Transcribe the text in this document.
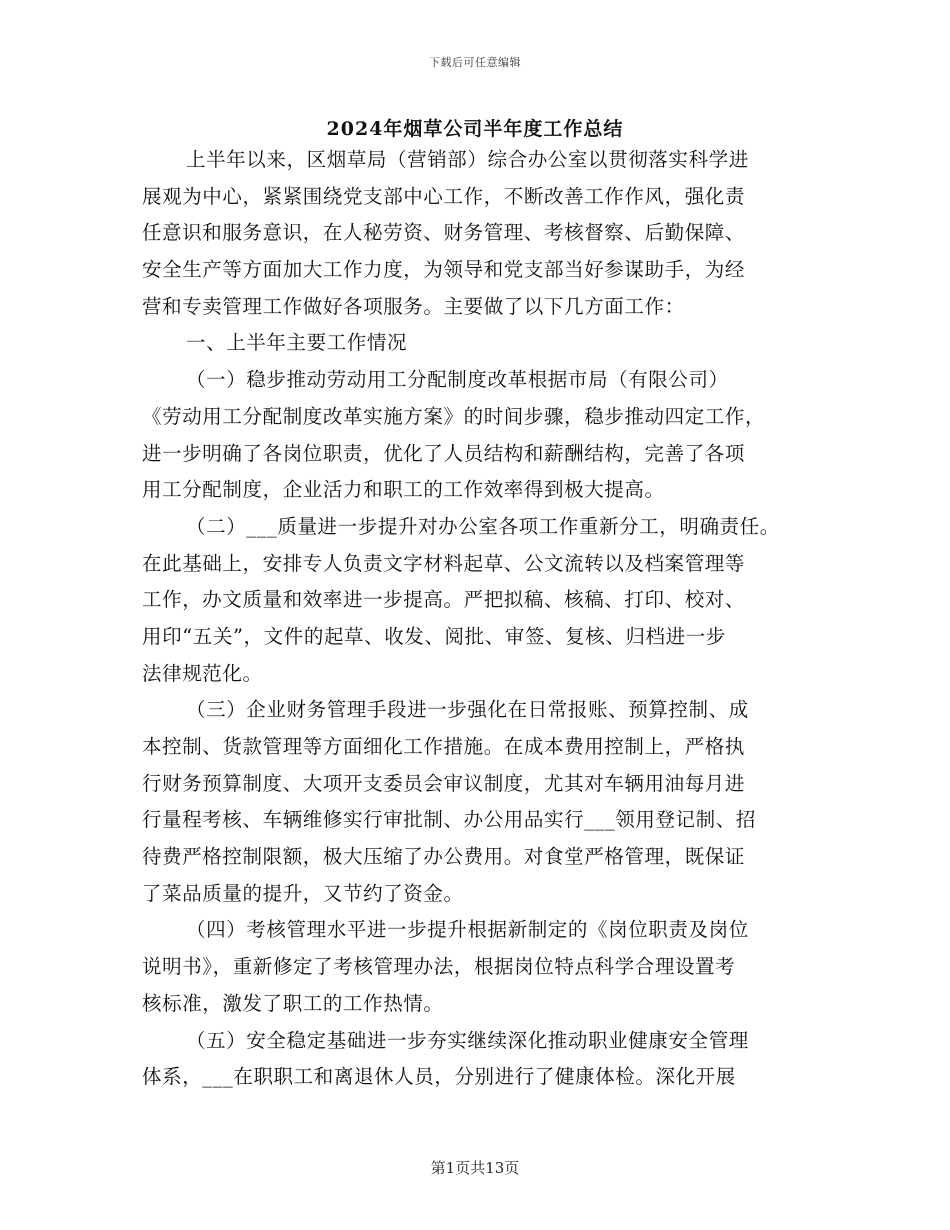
下载后可任意编辑
2024年烟草公司半年度工作总结
上半年以来，区烟草局（营销部）综合办公室以贯彻落实科学进
展观为中心，紧紧围绕党支部中心工作，不断改善工作作风，强化责
任意识和服务意识，在人秘劳资、财务管理、考核督察、后勤保障、
安全生产等方面加大工作力度，为领导和党支部当好参谋助手，为经
营和专卖管理工作做好各项服务。主要做了以下几方面工作：
一、上半年主要工作情况
（一）稳步推动劳动用工分配制度改革根据市局（有限公司）
《劳动用工分配制度改革实施方案》的时间步骤，稳步推动四定工作，
进一步明确了各岗位职责，优化了人员结构和薪酬结构，完善了各项
用工分配制度，企业活力和职工的工作效率得到极大提高。
（二）___质量进一步提升对办公室各项工作重新分工，明确责任。
在此基础上，安排专人负责文字材料起草、公文流转以及档案管理等
工作，办文质量和效率进一步提高。严把拟稿、核稿、打印、校对、
用印“五关”，文件的起草、收发、阅批、审签、复核、归档进一步
法律规范化。
（三）企业财务管理手段进一步强化在日常报账、预算控制、成
本控制、货款管理等方面细化工作措施。在成本费用控制上，严格执
行财务预算制度、大项开支委员会审议制度，尤其对车辆用油每月进
行量程考核、车辆维修实行审批制、办公用品实行___领用登记制、招
待费严格控制限额，极大压缩了办公费用。对食堂严格管理，既保证
了菜品质量的提升，又节约了资金。
（四）考核管理水平进一步提升根据新制定的《岗位职责及岗位
说明书》，重新修定了考核管理办法，根据岗位特点科学合理设置考
核标准，激发了职工的工作热情。
（五）安全稳定基础进一步夯实继续深化推动职业健康安全管理
体系，___在职职工和离退休人员，分别进行了健康体检。深化开展
第1页共13页
